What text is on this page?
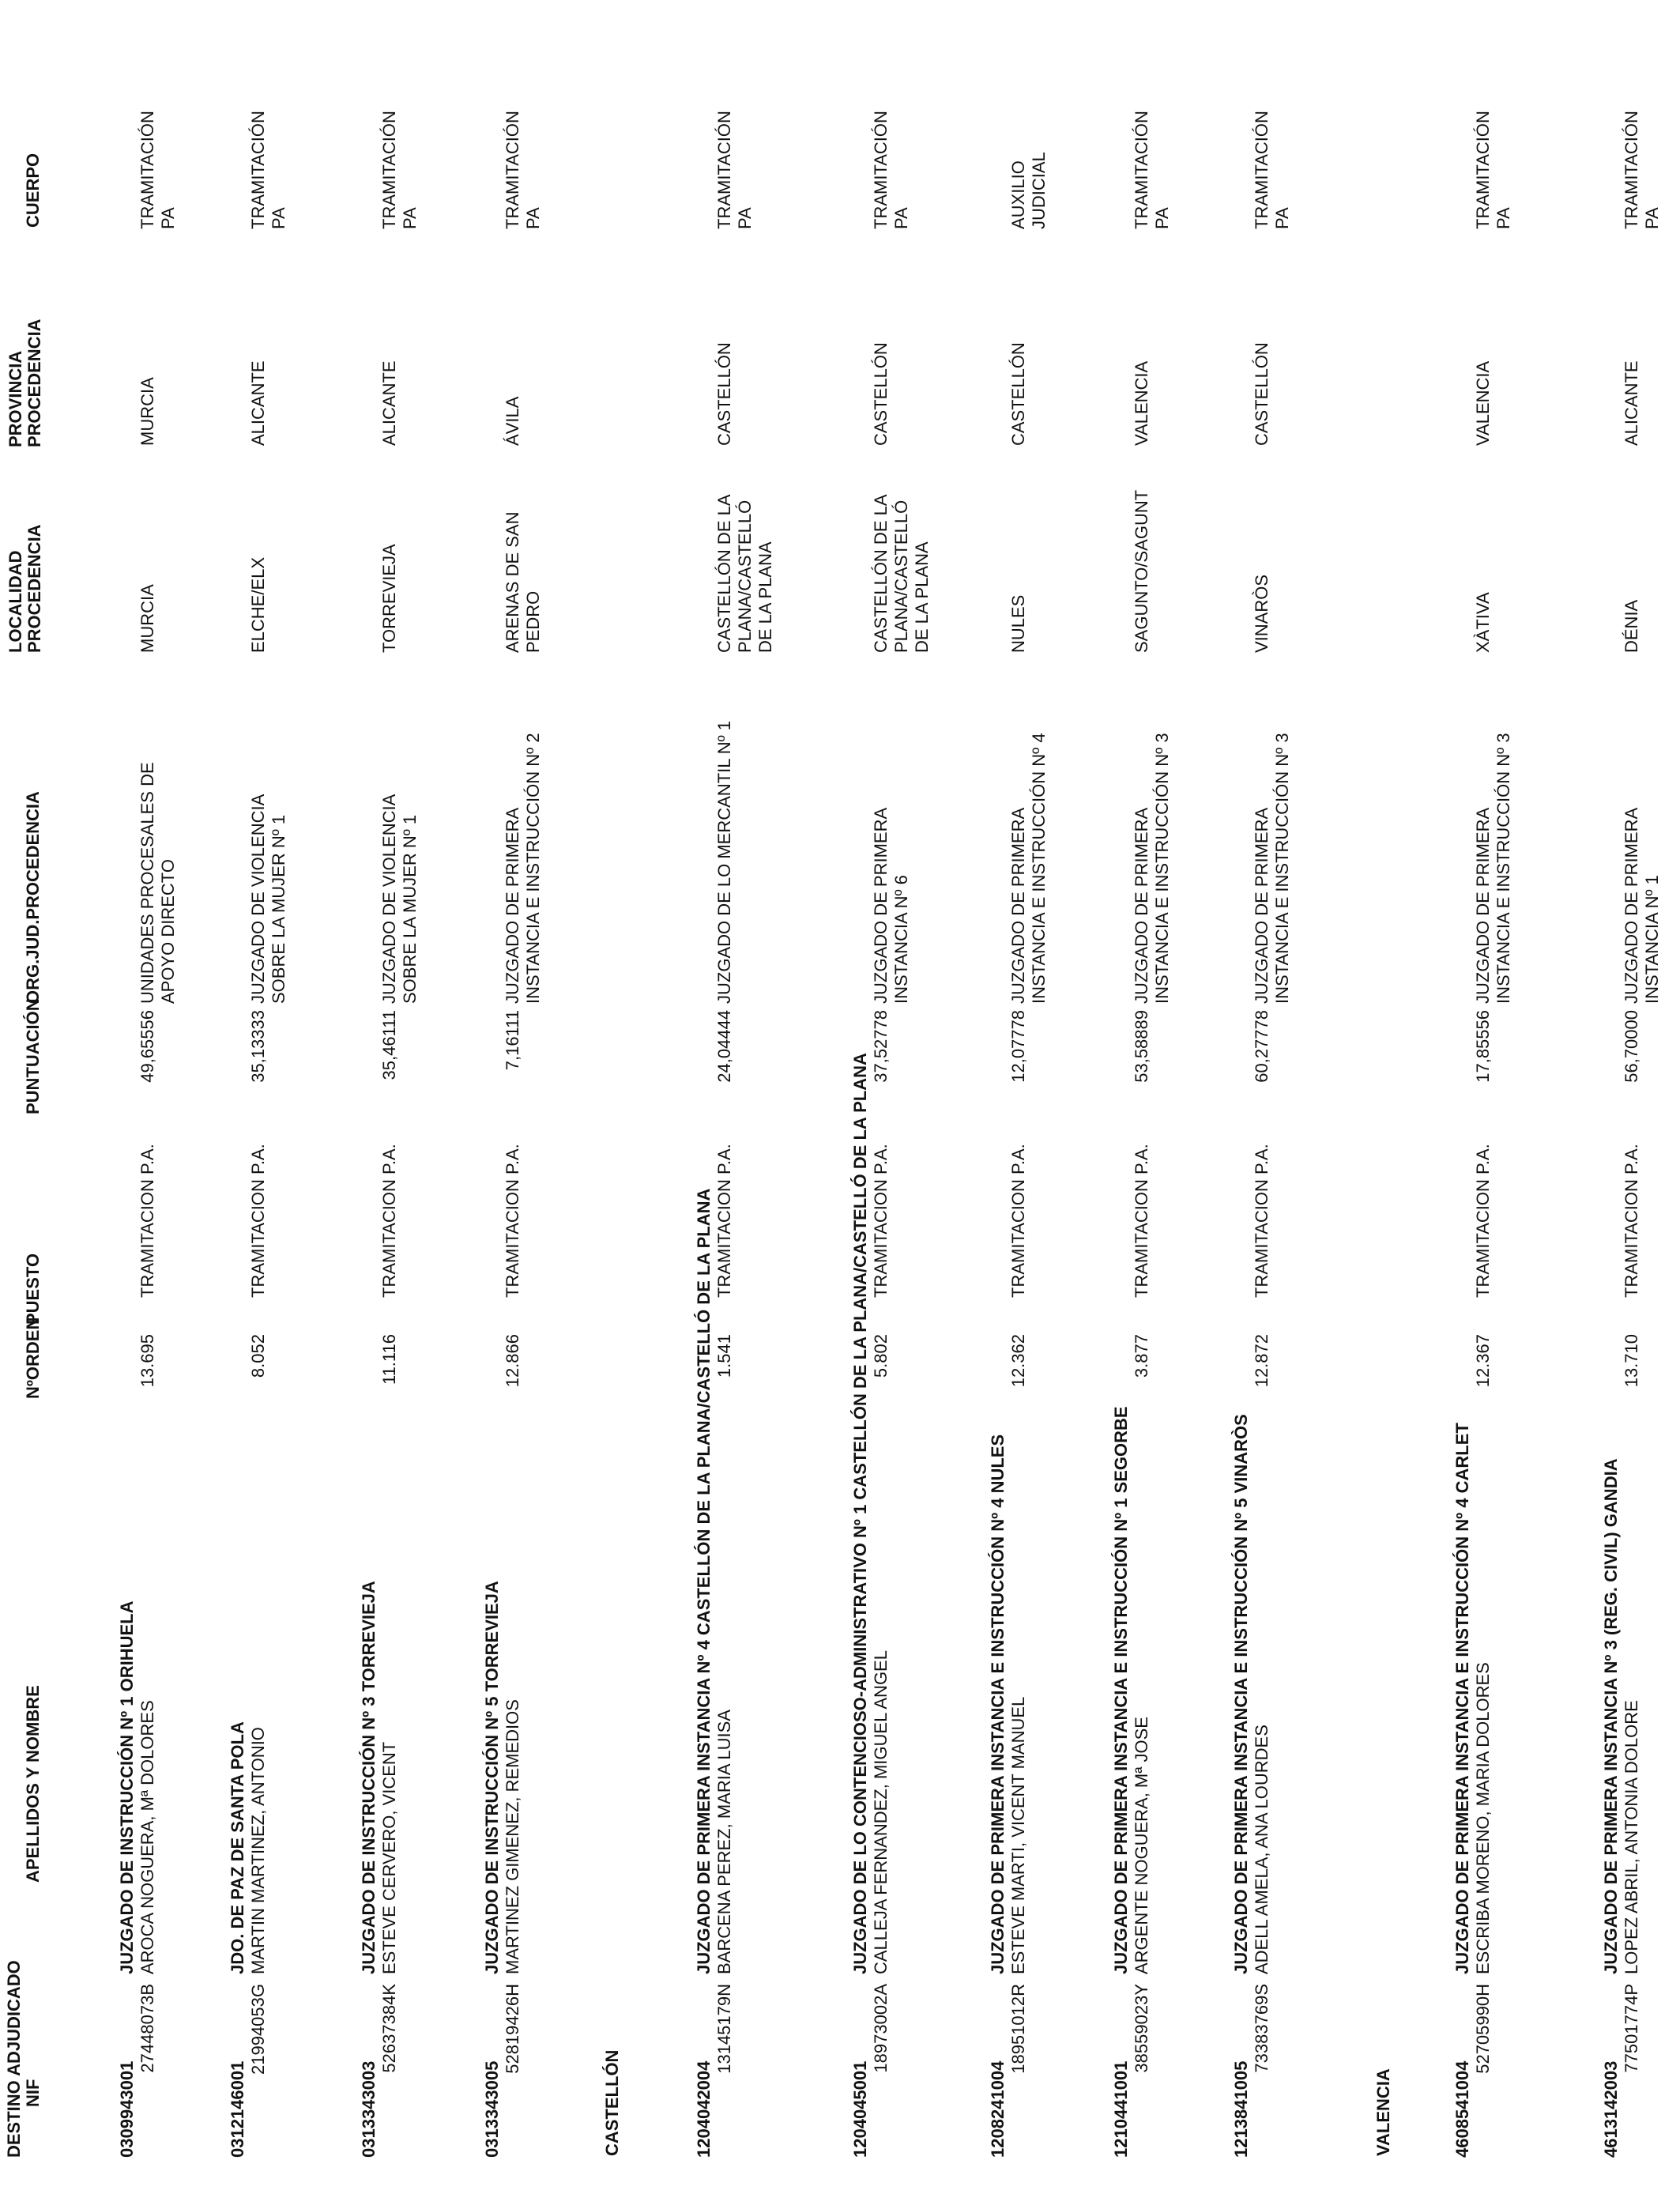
DESTINO ADJUDICADO NIF
APELLIDOS Y NOMBRE
NºORDEN
PUESTO
PUNTUACIÓN
ORG.JUD.PROCEDENCIA
LOCALIDAD
PROCEDENCIA
PROVINCIA
PROCEDENCIA
CUERPO
CASTELLÓN	VALENCIA
0309943001
JUZGADO DE INSTRUCCIÓN Nº 1 ORIHUELA
27448073B
AROCA NOGUERA, Mª DOLORES
13.695
TRAMITACION P.A.
49,65556
UNIDADES PROCESALES DE
APOYO DIRECTO
MURCIA
MURCIA
TRAMITACIÓN
PA
0312146001
JDO. DE PAZ DE SANTA POLA
21994053G
MARTIN MARTINEZ, ANTONIO
8.052
TRAMITACION P.A.
35,13333
JUZGADO DE VIOLENCIA
SOBRE LA MUJER Nº 1
ELCHE/ELX
ALICANTE
TRAMITACIÓN
PA
0313343003
JUZGADO DE INSTRUCCIÓN Nº 3 TORREVIEJA
52637384K
ESTEVE CERVERO, VICENT
11.116
TRAMITACION P.A.
35,46111
JUZGADO DE VIOLENCIA
SOBRE LA MUJER Nº 1
TORREVIEJA
ALICANTE
TRAMITACIÓN
PA
0313343005
JUZGADO DE INSTRUCCIÓN Nº 5 TORREVIEJA
52819426H
MARTINEZ GIMENEZ, REMEDIOS
12.866
TRAMITACION P.A.
7,16111
JUZGADO DE PRIMERA
INSTANCIA E INSTRUCCIÓN Nº 2
ARENAS DE SAN
PEDRO
ÁVILA
TRAMITACIÓN
PA
1204042004
JUZGADO DE PRIMERA INSTANCIA Nº 4 CASTELLÓN DE LA PLANA/CASTELLÓ DE LA PLANA
13145179N
BARCENA PEREZ, MARIA LUISA
1.541
TRAMITACION P.A.
24,04444
JUZGADO DE LO MERCANTIL Nº 1
CASTELLÓN DE LA
PLANA/CASTELLÓ
DE LA PLANA
CASTELLÓN
TRAMITACIÓN
PA
1204045001
JUZGADO DE LO CONTENCIOSO-ADMINISTRATIVO Nº 1 CASTELLÓN DE LA PLANA/CASTELLÓ DE LA PLANA
18973002A
CALLEJA FERNANDEZ, MIGUEL ANGEL
5.802
TRAMITACION P.A.
37,52778
JUZGADO DE PRIMERA
INSTANCIA Nº 6
CASTELLÓN DE LA
PLANA/CASTELLÓ
DE LA PLANA
CASTELLÓN
TRAMITACIÓN
PA
1208241004
JUZGADO DE PRIMERA INSTANCIA E INSTRUCCIÓN Nº 4 NULES
18951012R
ESTEVE MARTI, VICENT MANUEL
12.362
TRAMITACION P.A.
12,07778
JUZGADO DE PRIMERA
INSTANCIA E INSTRUCCIÓN Nº 4
NULES
CASTELLÓN
AUXILIO
JUDICIAL
1210441001
JUZGADO DE PRIMERA INSTANCIA E INSTRUCCIÓN Nº 1 SEGORBE
38559023Y
ARGENTE NOGUERA, Mª JOSE
3.877
TRAMITACION P.A.
53,58889
JUZGADO DE PRIMERA
INSTANCIA E INSTRUCCIÓN Nº 3
SAGUNTO/SAGUNT
VALENCIA
TRAMITACIÓN
PA
1213841005
JUZGADO DE PRIMERA INSTANCIA E INSTRUCCIÓN Nº 5 VINARÒS
73383769S
ADELL AMELA, ANA LOURDES
12.872
TRAMITACION P.A.
60,27778
JUZGADO DE PRIMERA
INSTANCIA E INSTRUCCIÓN Nº 3
VINARÒS
CASTELLÓN
TRAMITACIÓN
PA
4608541004
JUZGADO DE PRIMERA INSTANCIA E INSTRUCCIÓN Nº 4 CARLET
52705990H
ESCRIBA MORENO, MARIA DOLORES
12.367
TRAMITACION P.A.
17,85556
JUZGADO DE PRIMERA
INSTANCIA E INSTRUCCIÓN Nº 3
XÀTIVA
VALENCIA
TRAMITACIÓN
PA
4613142003
JUZGADO DE PRIMERA INSTANCIA Nº 3 (REG. CIVIL) GANDIA
77501774P
LOPEZ ABRIL, ANTONIA DOLORE
13.710
TRAMITACION P.A.
56,70000
JUZGADO DE PRIMERA
INSTANCIA Nº 1
DÉNIA
ALICANTE
TRAMITACIÓN
PA
